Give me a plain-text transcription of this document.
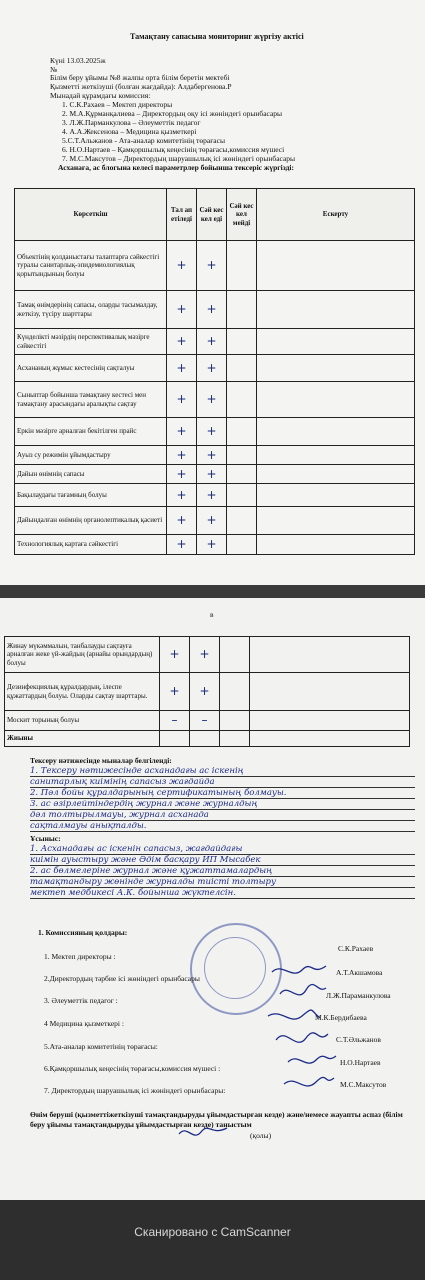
Тамақтану сапасына мониторинг жүргізу актісі
Күні 13.03.2025ж
№
Білім беру ұйымы №8 жалпы орта білім беретін мектебі
Қызметті жеткізуші (болған жағдайда): Алдабергенова.Р
Мынадай құрамдағы комиссия:
1. С.К.Рахаев – Мектеп директоры
2. М.А.Құрманқалиева – Директордың оқу ісі жөніндегі орынбасары
3. Л.Ж.Парманкулова – Әлеуметтік педагог
4. А.А.Жексенова – Медицина қызметкері
5.С.Т.Альжанов - Ата-аналар комитетінің төрағасы
6. Н.О.Нартаев – Қамқоршылық кеңесінің төрағасы,комиссия мүшесі
7. М.С.Максутов – Директордың шаруашылық ісі жөніндегі орынбасары
Асханаға, ас блогына келесі параметрлер бойынша тексеріс жүргізді:
Көрсеткіш	Тал ап етіледі	Сәй кес кел еді	Сәй кес кел мейді	Ескерту
Объектінің қолданыстағы талаптарға сәйкестігі туралы санитарлық-эпидемиологиялық қорытындының болуы	+	+		
Тамақ өнімдерінің сапасы, оларды тасымалдау, жеткізу, түсіру шарттары	+	+		
Күнделікті мәзірдің перспективалық мәзірге сәйкестігі	+	+		
Асхананың жұмыс кестесінің сақталуы	+	+		
Сыныптар бойынша тамақтану кестесі мен тамақтану арасындағы аралықты сақтау	+	+		
Еркін мәзірге арналған бекітілген прайс	+	+		
Ауыз су режимін ұйымдастыру	+	+		
Дайын өнімнің сапасы	+	+		
Бақылаудағы тағамның болуы	+	+		
Дайындалған өнімнің органолептикалық қасиеті	+	+		
Технологиялық картаға сәйкестігі	+	+		
в
Жинау мүкәммалын, танбалауды сақтауға арналған жеке үй-жайдың (арнайы орындардың) болуы	+	+		
Дезинфекциялық құралдардың, ілеспе құжаттардың болуы. Оларды сақтау шарттары.	+	+		
Москит торының болуы	–	–		
Жиыны				
Тексеру нәтижесінде мыналар белгіленді:
1. Тексеру нәтижесінде асханадағы ас іскенің
санитарлық киімінің сапасыз жағдайда
2. Пәл бойы құралдарының сертификатының болмауы.
3. ас әзірлейтіндердің журнал және журналдың
дәл толтырылмауы, журнал асханада
сақталмауы анықталды.
Ұсыныс:
1. Асханадағы ас іскенін сапасыз, жағдайдағы
киімін ауыстыру және Әдім басқару ИП Мысабек
2. ас бөлмелеріне журнал және құжаттамалардың
тамақтандыру жөнінде журналды тиісті толтыру
мектеп медбикесі А.К. бойынша жүктелсін.
1. Комиссияның қолдары:
1. Мектеп директоры :
С.К.Рахаев
2.Директордың тәрбие ісі жөніндегі орынбасары
А.Т.Акшамова
3. Әлеуметтік педагог :
Л.Ж.Параманкулова
4 Медицина қызметкері :
М.К.Бердибаева
5.Ата-аналар комитетінің төрағасы:
С.Т.Әльжанов
6.Қамқоршылық кеңесінің төрағасы,комиссия мүшесі :
Н.О.Нартаев
7. Директордың шаруашылық ісі жөніндегі орынбасары:
М.С.Максутов
Өнім беруші (қызметтіжеткізуші тамақтандыруды ұйымдастырған кезде) және/немесе жауапты аспаз (білім беру ұйымы тамақтандыруды ұйымдастырған кезде) таныстым
(қолы)
Сканировано с CamScanner
